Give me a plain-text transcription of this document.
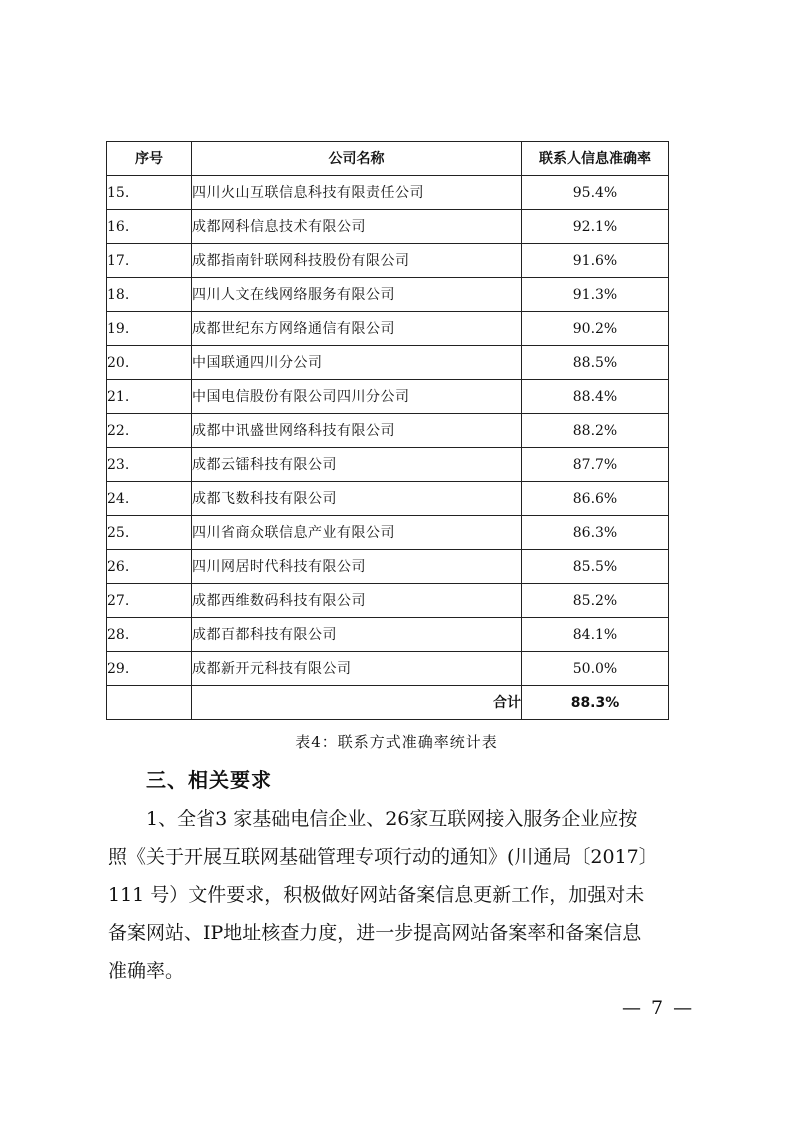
序号	公司名称	联系人信息准确率
15.	四川火山互联信息科技有限责任公司	95.4%
16.	成都网科信息技术有限公司	92.1%
17.	成都指南针联网科技股份有限公司	91.6%
18.	四川人文在线网络服务有限公司	91.3%
19.	成都世纪东方网络通信有限公司	90.2%
20.	中国联通四川分公司	88.5%
21.	中国电信股份有限公司四川分公司	88.4%
22.	成都中讯盛世网络科技有限公司	88.2%
23.	成都云镭科技有限公司	87.7%
24.	成都飞数科技有限公司	86.6%
25.	四川省商众联信息产业有限公司	86.3%
26.	四川网居时代科技有限公司	85.5%
27.	成都西维数码科技有限公司	85.2%
28.	成都百都科技有限公司	84.1%
29.	成都新开元科技有限公司	50.0%
	合计	88.3%
表4：联系方式准确率统计表
三、相关要求

1、全省3 家基础电信企业、26家互联网接入服务企业应按
照《关于开展互联网基础管理专项行动的通知》(川通局〔2017〕
111 号）文件要求，积极做好网站备案信息更新工作，加强对未
备案网站、IP地址核查力度，进一步提高网站备案率和备案信息
准确率。

— 7 —
